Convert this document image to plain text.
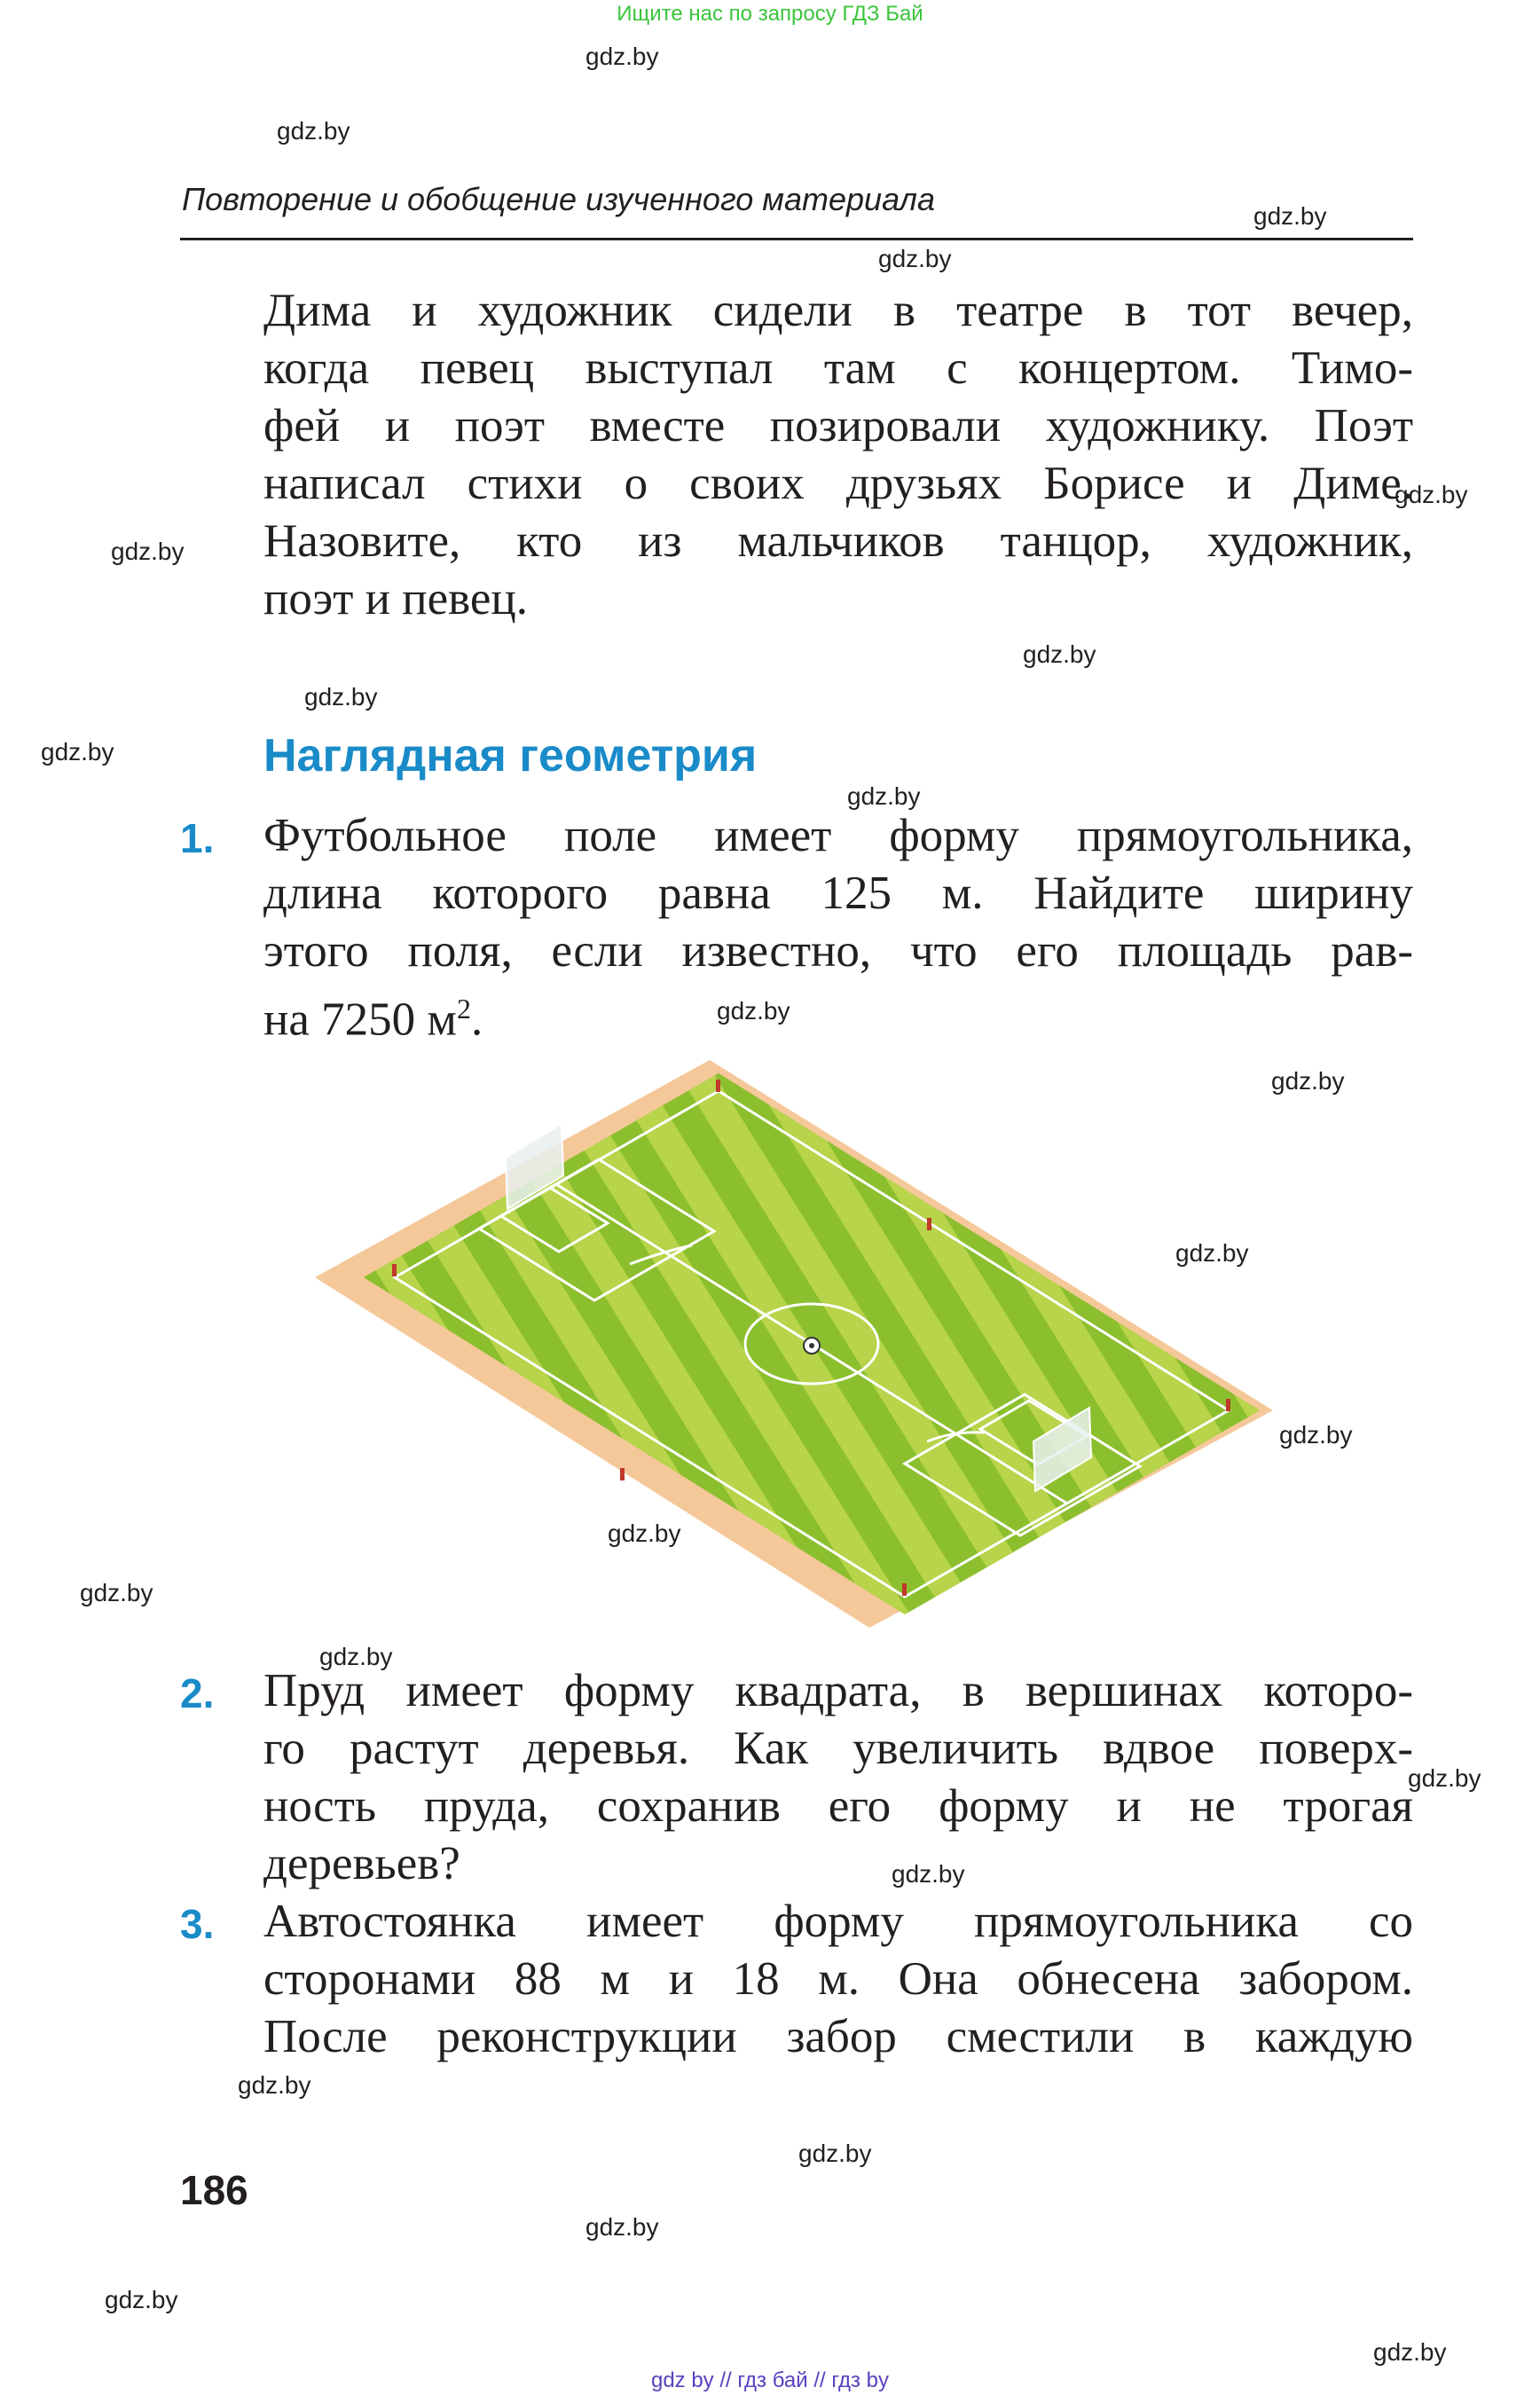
Ищите нас по запросу ГДЗ Бай
gdz.by
gdz.by
gdz.by
gdz.by
gdz.by
gdz.by
gdz.by
gdz.by
gdz.by
gdz.by
gdz.by
gdz.by
gdz.by
gdz.by
gdz.by
gdz.by
gdz.by
gdz.by
gdz.by
gdz.by
gdz.by
gdz.by
gdz.by
gdz.by
Повторение и обобщение изученного материала
Дима и художник сидели в театре в тот вечер,
когда певец выступал там с концертом. Тимо-
фей и поэт вместе позировали художнику. Поэт
написал стихи о своих друзьях Борисе и Диме.
Назовите, кто из мальчиков танцор, художник,
поэт и певец.
Наглядная геометрия
1. Футбольное поле имеет форму прямоугольника,
длина которого равна 125 м. Найдите ширину
этого поля, если известно, что его площадь рав-
на 7250 $м^2$.
2. Пруд имеет форму квадрата, в вершинах которо-
го растут деревья. Как увеличить вдвое поверх-
ность пруда, сохранив его форму и не трогая
деревьев?
3. Автостоянка имеет форму прямоугольника со
сторонами 88 м и 18 м. Она обнесена забором.
После реконструкции забор сместили в каждую
186
gdz by // гдз бай // гдз by
